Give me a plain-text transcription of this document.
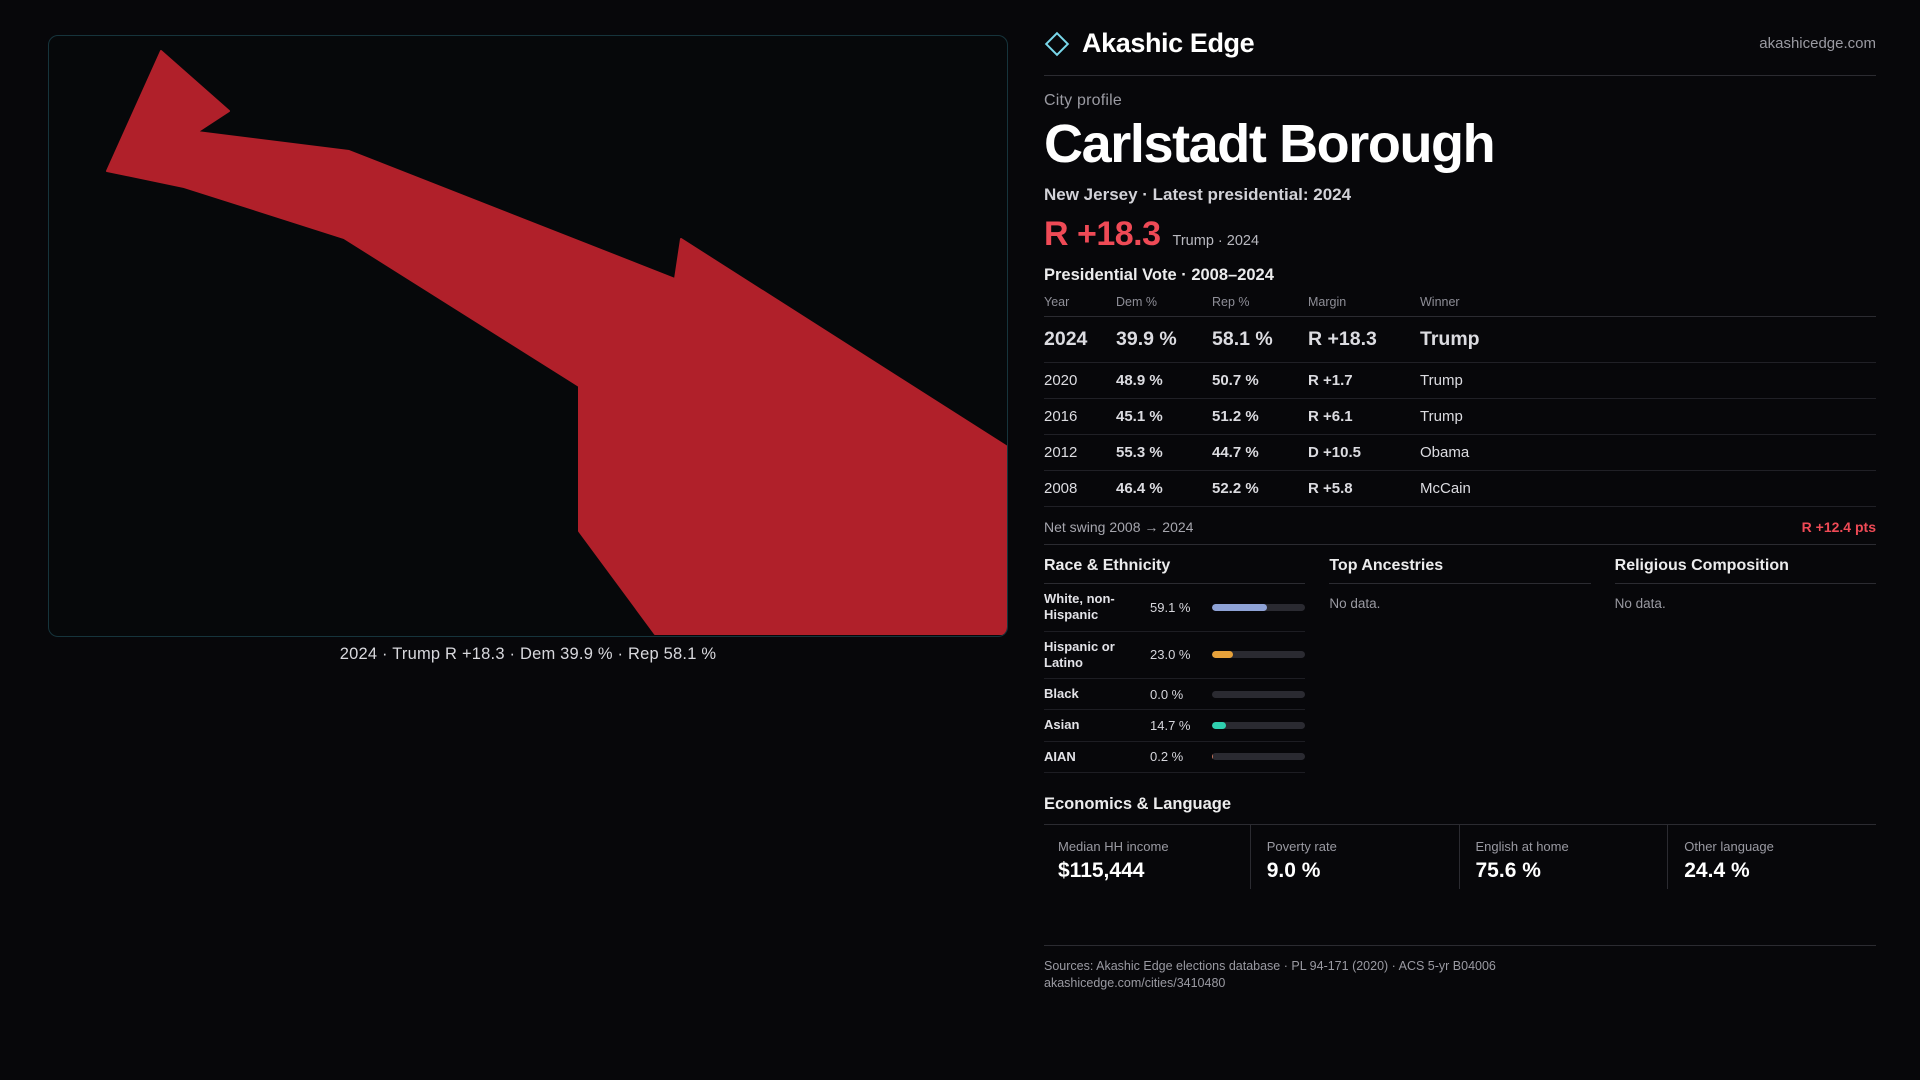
2024 · Trump R +18.3 · Dem 39.9 % · Rep 58.1 %
Akashic Edge	akashicedge.com
City profile
Carlstadt Borough
New Jersey · Latest presidential: 2024
R +18.3 Trump · 2024
Presidential Vote · 2008–2024
Year	Dem %	Rep %	Margin	Winner
2024	39.9 %	58.1 %	R +18.3	Trump
2020	48.9 %	50.7 %	R +1.7	Trump
2016	45.1 %	51.2 %	R +6.1	Trump
2012	55.3 %	44.7 %	D +10.5	Obama
2008	46.4 %	52.2 %	R +5.8	McCain
Net swing 2008 → 2024	R +12.4 pts
Race & Ethnicity
White, non-Hispanic	59.1 %
Hispanic or Latino	23.0 %
Black	0.0 %
Asian	14.7 %
AIAN	0.2 %
Top Ancestries
No data.
Religious Composition
No data.
Economics & Language
Median HH income
$115,444
Poverty rate
9.0 %
English at home
75.6 %
Other language
24.4 %
Sources: Akashic Edge elections database · PL 94-171 (2020) · ACS 5-yr B04006
akashicedge.com/cities/3410480
